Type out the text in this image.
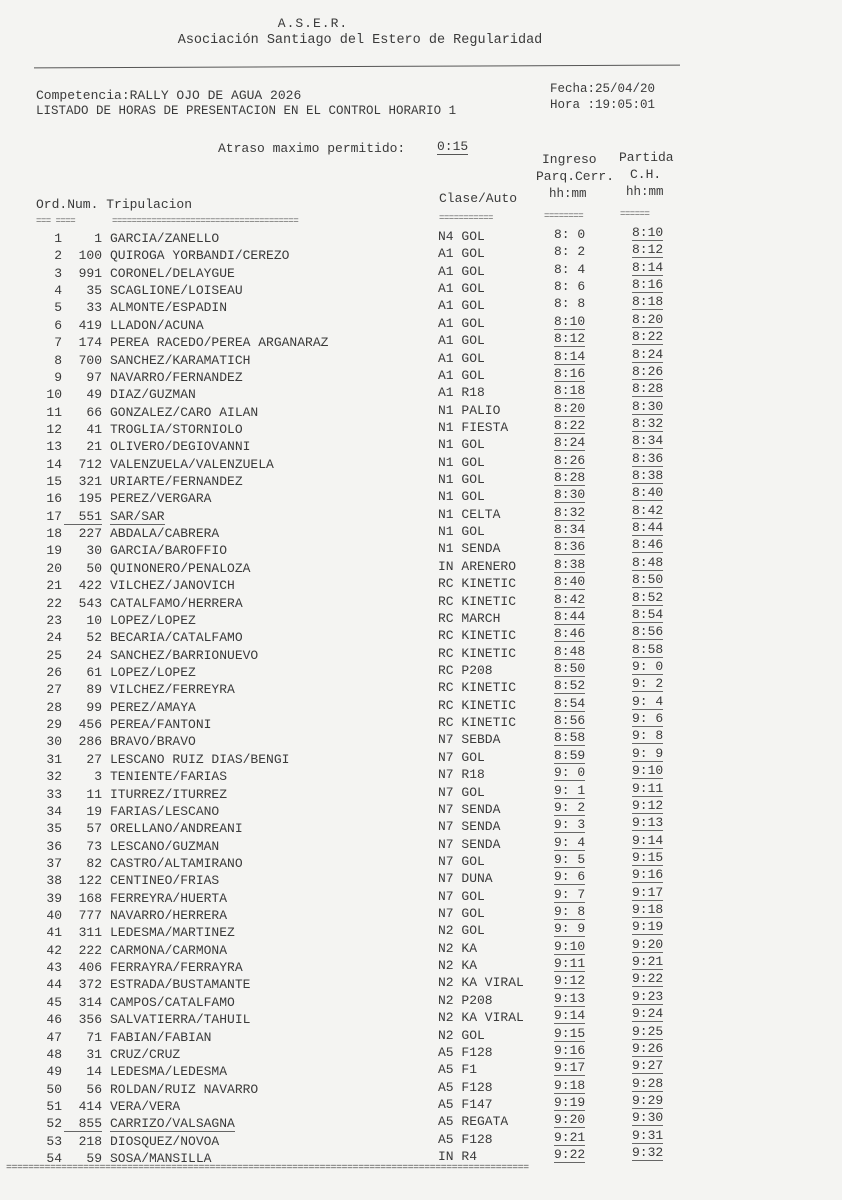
A.S.E.R.
Asociación Santiago del Estero de Regularidad
Competencia:RALLY OJO DE AGUA 2026
LISTADO DE HORAS DE PRESENTACION EN EL CONTROL HORARIO 1
Fecha:25/04/20
Hora :19:05:01
Atraso maximo permitido: 0:15
Ingreso Partida
Parq.Cerr. C.H.
Ord.Num. Tripulacion	Clase/Auto	hh:mm	hh:mm
=== ====	======================================	===========	========	======
1	1 GARCIA/ZANELLO	N4 GOL	8: 0	8:10
2	100 QUIROGA YORBANDI/CEREZO	A1 GOL	8: 2	8:12
3	991 CORONEL/DELAYGUE	A1 GOL	8: 4	8:14
4	35 SCAGLIONE/LOISEAU	A1 GOL	8: 6	8:16
5	33 ALMONTE/ESPADIN	A1 GOL	8: 8	8:18
6	419 LLADON/ACUNA	A1 GOL	8:10	8:20
7	174 PEREA RACEDO/PEREA ARGANARAZ	A1 GOL	8:12	8:22
8	700 SANCHEZ/KARAMATICH	A1 GOL	8:14	8:24
9	97 NAVARRO/FERNANDEZ	A1 GOL	8:16	8:26
10	49 DIAZ/GUZMAN	A1 R18	8:18	8:28
11	66 GONZALEZ/CARO AILAN	N1 PALIO	8:20	8:30
12	41 TROGLIA/STORNIOLO	N1 FIESTA	8:22	8:32
13	21 OLIVERO/DEGIOVANNI	N1 GOL	8:24	8:34
14	712 VALENZUELA/VALENZUELA	N1 GOL	8:26	8:36
15	321 URIARTE/FERNANDEZ	N1 GOL	8:28	8:38
16	195 PEREZ/VERGARA	N1 GOL	8:30	8:40
17	551 SAR/SAR	N1 CELTA	8:32	8:42
18	227 ABDALA/CABRERA	N1 GOL	8:34	8:44
19	30 GARCIA/BAROFFIO	N1 SENDA	8:36	8:46
20	50 QUINONERO/PENALOZA	IN ARENERO	8:38	8:48
21	422 VILCHEZ/JANOVICH	RC KINETIC	8:40	8:50
22	543 CATALFAMO/HERRERA	RC KINETIC	8:42	8:52
23	10 LOPEZ/LOPEZ	RC MARCH	8:44	8:54
24	52 BECARIA/CATALFAMO	RC KINETIC	8:46	8:56
25	24 SANCHEZ/BARRIONUEVO	RC KINETIC	8:48	8:58
26	61 LOPEZ/LOPEZ	RC P208	8:50	9: 0
27	89 VILCHEZ/FERREYRA	RC KINETIC	8:52	9: 2
28	99 PEREZ/AMAYA	RC KINETIC	8:54	9: 4
29	456 PEREA/FANTONI	RC KINETIC	8:56	9: 6
30	286 BRAVO/BRAVO	N7 SEBDA	8:58	9: 8
31	27 LESCANO RUIZ DIAS/BENGI	N7 GOL	8:59	9: 9
32	3 TENIENTE/FARIAS	N7 R18	9: 0	9:10
33	11 ITURREZ/ITURREZ	N7 GOL	9: 1	9:11
34	19 FARIAS/LESCANO	N7 SENDA	9: 2	9:12
35	57 ORELLANO/ANDREANI	N7 SENDA	9: 3	9:13
36	73 LESCANO/GUZMAN	N7 SENDA	9: 4	9:14
37	82 CASTRO/ALTAMIRANO	N7 GOL	9: 5	9:15
38	122 CENTINEO/FRIAS	N7 DUNA	9: 6	9:16
39	168 FERREYRA/HUERTA	N7 GOL	9: 7	9:17
40	777 NAVARRO/HERRERA	N7 GOL	9: 8	9:18
41	311 LEDESMA/MARTINEZ	N2 GOL	9: 9	9:19
42	222 CARMONA/CARMONA	N2 KA	9:10	9:20
43	406 FERRAYRA/FERRAYRA	N2 KA	9:11	9:21
44	372 ESTRADA/BUSTAMANTE	N2 KA VIRAL 9:12	9:22
45	314 CAMPOS/CATALFAMO	N2 P208	9:13	9:23
46	356 SALVATIERRA/TAHUIL	N2 KA VIRAL 9:14	9:24
47	71 FABIAN/FABIAN	N2 GOL	9:15	9:25
48	31 CRUZ/CRUZ	A5 F128	9:16	9:26
49	14 LEDESMA/LEDESMA	A5 F1	9:17	9:27
50	56 ROLDAN/RUIZ NAVARRO	A5 F128	9:18	9:28
51	414 VERA/VERA	A5 F147	9:19	9:29
52	855 CARRIZO/VALSAGNA	A5 REGATA	9:20	9:30
53	218 DIOSQUEZ/NOVOA	A5 F128	9:21	9:31
54	59 SOSA/MANSILLA	IN R4	9:22	9:32
===============================================================================================
